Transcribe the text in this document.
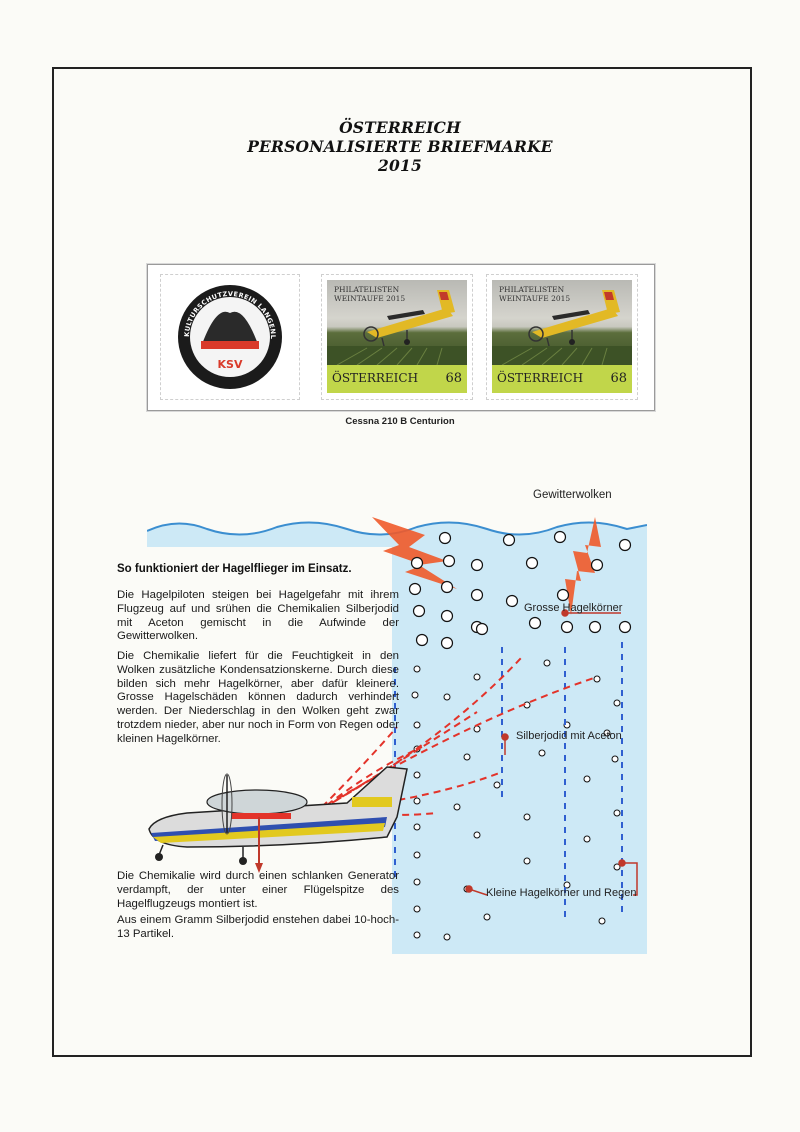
ÖSTERREICH
PERSONALISIERTE BRIEFMARKE
2015
KULTURSCHUTZVEREIN LANGENL
KSV
PHILATELISTEN
WEINTAUFE 2015
ÖSTERREICH 68
PHILATELISTEN
WEINTAUFE 2015
ÖSTERREICH 68
Cessna 210 B Centurion
Gewitterwolken
So funktioniert der Hagelflieger im Einsatz.
Die Hagelpiloten steigen bei Hagelgefahr mit ihrem Flugzeug auf und srühen die Chemikalien Silberjodid mit Aceton gemischt in die Aufwinde der Gewitterwolken.
Die Chemikalie liefert für die Feuchtigkeit in den Wolken zusätzliche Kondensatzionskerne. Durch diese bilden sich mehr Hagelkörner, aber dafür kleinere. Grosse Hagelschäden können dadurch verhindert werden. Der Niederschlag in den Wolken geht zwar trotzdem nieder, aber nur noch in Form von Regen oder kleinen Hagelkörner.
Die Chemikalie wird durch einen schlanken Generator verdampft, der unter einer Flügelspitze des Hagelflugzeugs montiert ist.
Aus einem Gramm Silberjodid enstehen dabei 10-hoch-13 Partikel.
Grosse Hagelkörner
Silberjodid mit Aceton
Kleine Hagelkörner und Regen
